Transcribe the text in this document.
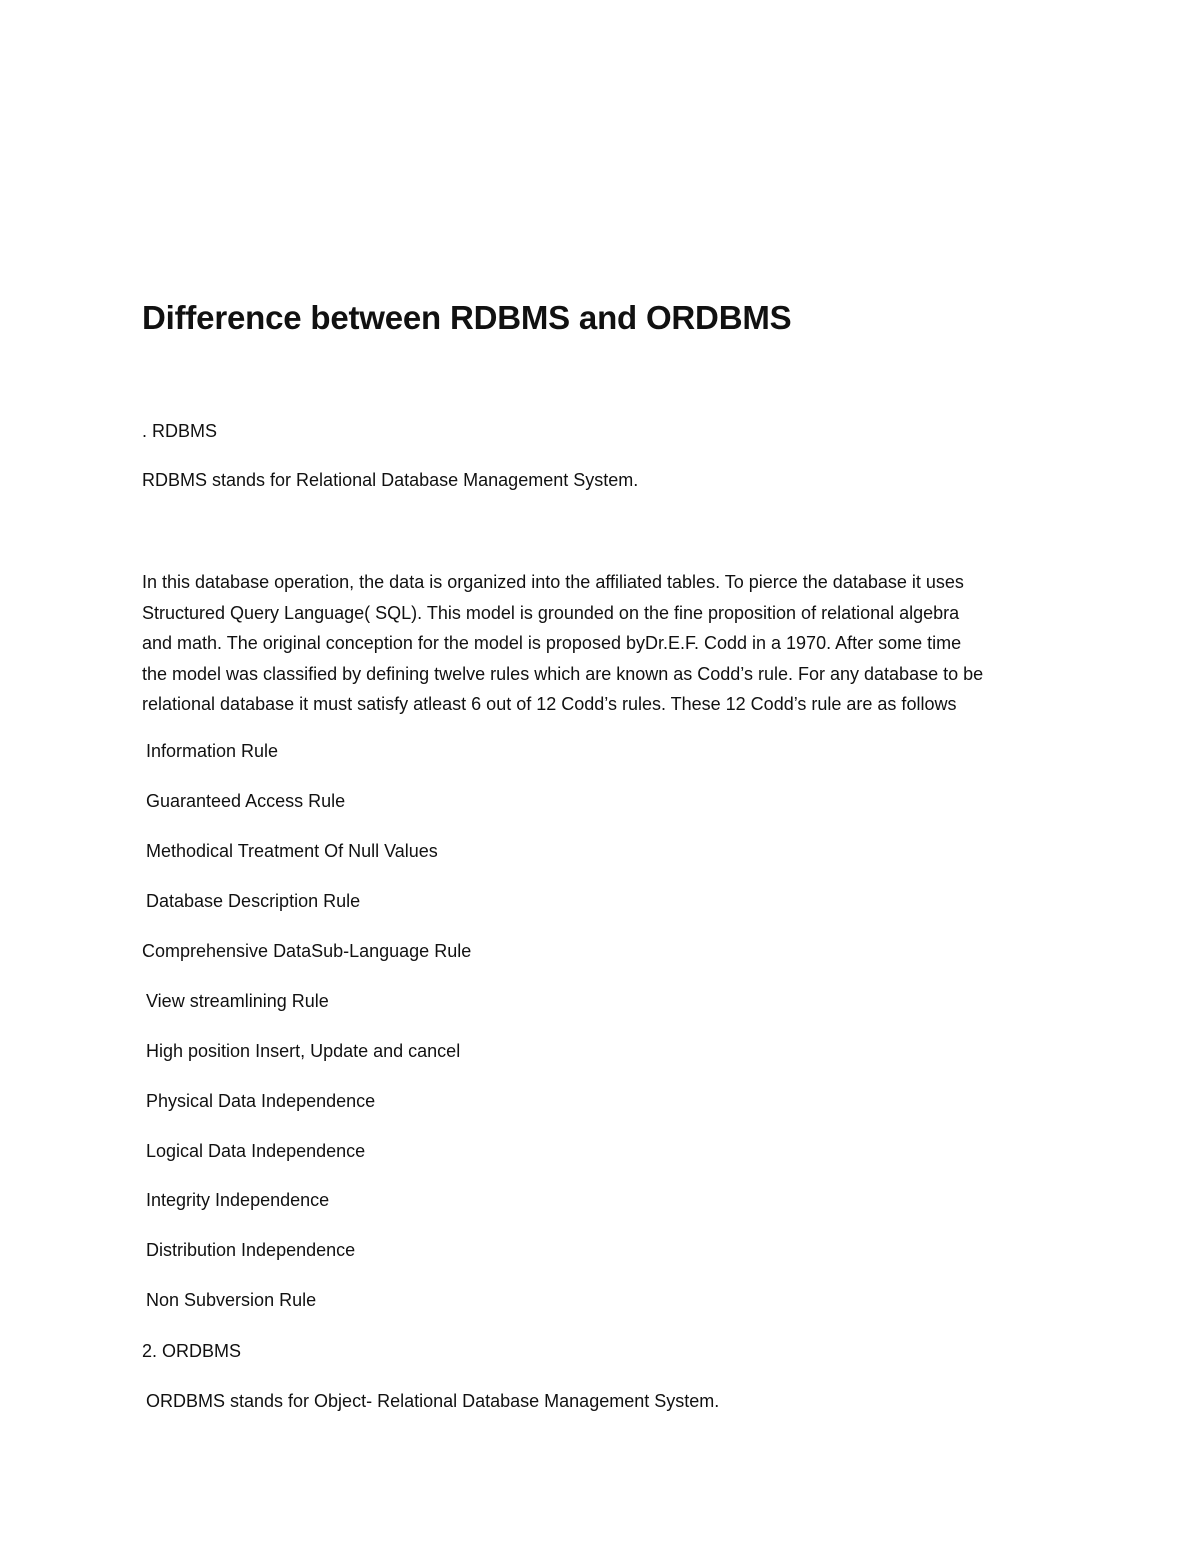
Difference between RDBMS and ORDBMS

. RDBMS

RDBMS stands for Relational Database Management System.

In this database operation, the data is organized into the affiliated tables. To pierce the database it uses
Structured Query Language( SQL). This model is grounded on the fine proposition of relational algebra
and math. The original conception for the model is proposed byDr.E.F. Codd in a 1970. After some time
the model was classified by defining twelve rules which are known as Codd’s rule. For any database to be
relational database it must satisfy atleast 6 out of 12 Codd’s rules. These 12 Codd’s rule are as follows

Information Rule

Guaranteed Access Rule

Methodical Treatment Of Null Values

Database Description Rule

Comprehensive DataSub-Language Rule

View streamlining Rule

High position Insert, Update and cancel

Physical Data Independence

Logical Data Independence

Integrity Independence

Distribution Independence

Non Subversion Rule

2. ORDBMS

ORDBMS stands for Object- Relational Database Management System.
